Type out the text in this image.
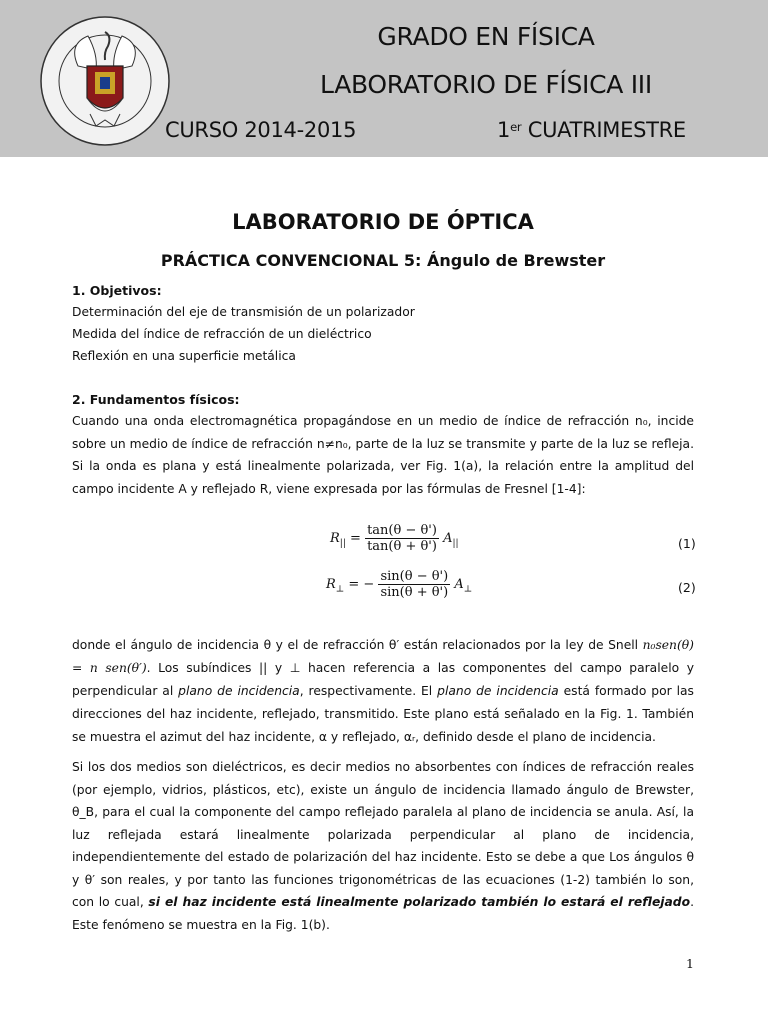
GRADO EN FÍSICA
LABORATORIO DE FÍSICA III
CURSO 2014-2015	1er CUATRIMESTRE
LABORATORIO DE ÓPTICA
PRÁCTICA CONVENCIONAL 5: Ángulo de Brewster
1. Objetivos:
Determinación del eje de transmisión de un polarizador
Medida del índice de refracción de un dieléctrico
Reflexión en una superficie metálica
2. Fundamentos físicos:
Cuando una onda electromagnética propagándose en un medio de índice de refracción n₀, incide sobre un medio de índice de refracción n≠n₀, parte de la luz se transmite y parte de la luz se refleja. Si la onda es plana y está linealmente polarizada, ver Fig. 1(a), la relación entre la amplitud del campo incidente A y reflejado R, viene expresada por las fórmulas de Fresnel [1-4]:
$R_{||} = \frac{\tan(\theta - \theta')}{\tan(\theta + \theta')} A_{||}$	(1)
$R_\perp$ = − $\frac{\sin(\theta - \theta')}{\sin(\theta + \theta')} A_\perp$	(2)
donde el ángulo de incidencia θ y el de refracción θ′ están relacionados por la ley de Snell n₀sen(θ) = n sen(θ′). Los subíndices || y ⊥ hacen referencia a las componentes del campo paralelo y perpendicular al plano de incidencia, respectivamente. El plano de incidencia está formado por las direcciones del haz incidente, reflejado, transmitido. Este plano está señalado en la Fig. 1. También se muestra el azimut del haz incidente, α y reflejado, αᵣ, definido desde el plano de incidencia.
Si los dos medios son dieléctricos, es decir medios no absorbentes con índices de refracción reales (por ejemplo, vidrios, plásticos, etc), existe un ángulo de incidencia llamado ángulo de Brewster, θ_B, para el cual la componente del campo reflejado paralela al plano de incidencia se anula. Así, la luz reflejada estará linealmente polarizada perpendicular al plano de incidencia, independientemente del estado de polarización del haz incidente. Esto se debe a que Los ángulos θ y θ′ son reales, y por tanto las funciones trigonométricas de las ecuaciones (1-2) también lo son, con lo cual, si el haz incidente está linealmente polarizado también lo estará el reflejado. Este fenómeno se muestra en la Fig. 1(b).
1
